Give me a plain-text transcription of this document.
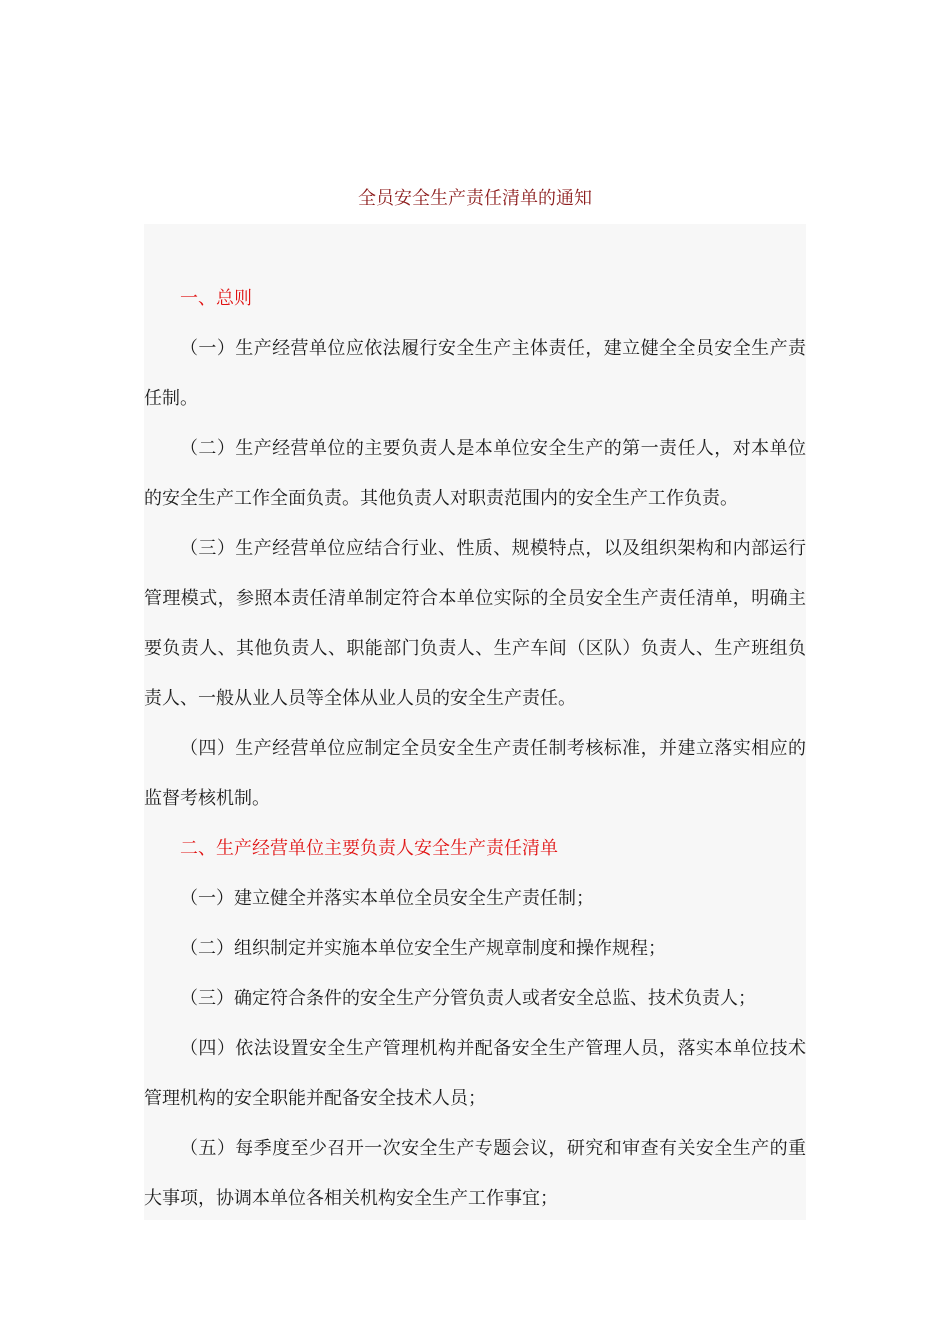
全员安全生产责任清单的通知

一、总则

（一）生产经营单位应依法履行安全生产主体责任，建立健全全员安全生产责任制。

（二）生产经营单位的主要负责人是本单位安全生产的第一责任人，对本单位的安全生产工作全面负责。其他负责人对职责范围内的安全生产工作负责。

（三）生产经营单位应结合行业、性质、规模特点，以及组织架构和内部运行管理模式，参照本责任清单制定符合本单位实际的全员安全生产责任清单，明确主要负责人、其他负责人、职能部门负责人、生产车间（区队）负责人、生产班组负责人、一般从业人员等全体从业人员的安全生产责任。

（四）生产经营单位应制定全员安全生产责任制考核标准，并建立落实相应的监督考核机制。

二、生产经营单位主要负责人安全生产责任清单

（一）建立健全并落实本单位全员安全生产责任制；

（二）组织制定并实施本单位安全生产规章制度和操作规程；

（三）确定符合条件的安全生产分管负责人或者安全总监、技术负责人；

（四）依法设置安全生产管理机构并配备安全生产管理人员，落实本单位技术管理机构的安全职能并配备安全技术人员；

（五）每季度至少召开一次安全生产专题会议，研究和审查有关安全生产的重大事项，协调本单位各相关机构安全生产工作事宜；
